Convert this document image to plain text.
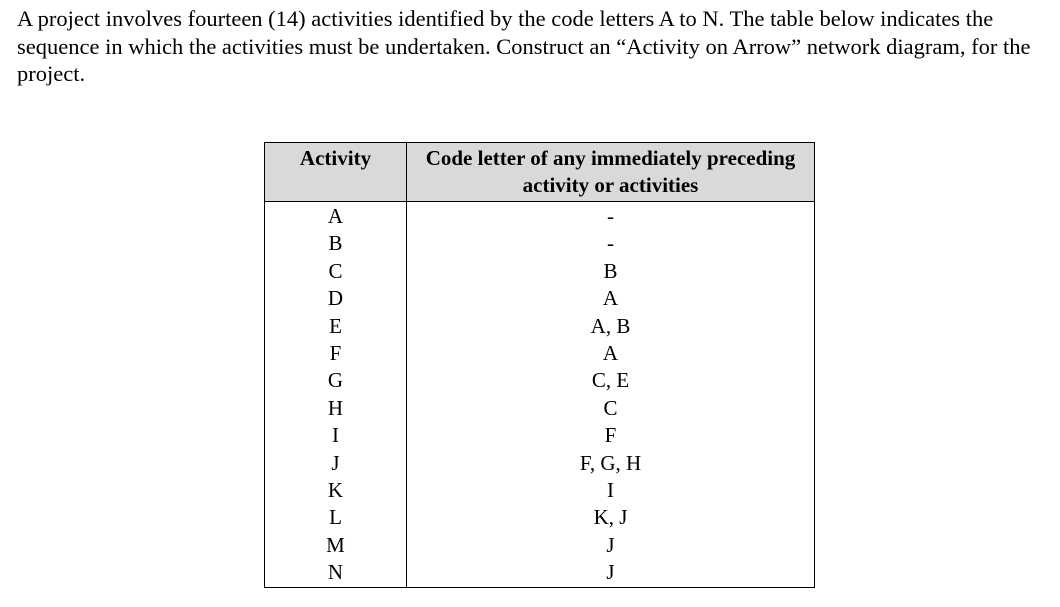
A project involves fourteen (14) activities identified by the code letters A to N. The table below indicates the sequence in which the activities must be undertaken. Construct an “Activity on Arrow” network diagram, for the project.

Activity	Code letter of any immediately preceding activity or activities
A	-
B	-
C	B
D	A
E	A, B
F	A
G	C, E
H	C
I	F
J	F, G, H
K	I
L	K, J
M	J
N	J
